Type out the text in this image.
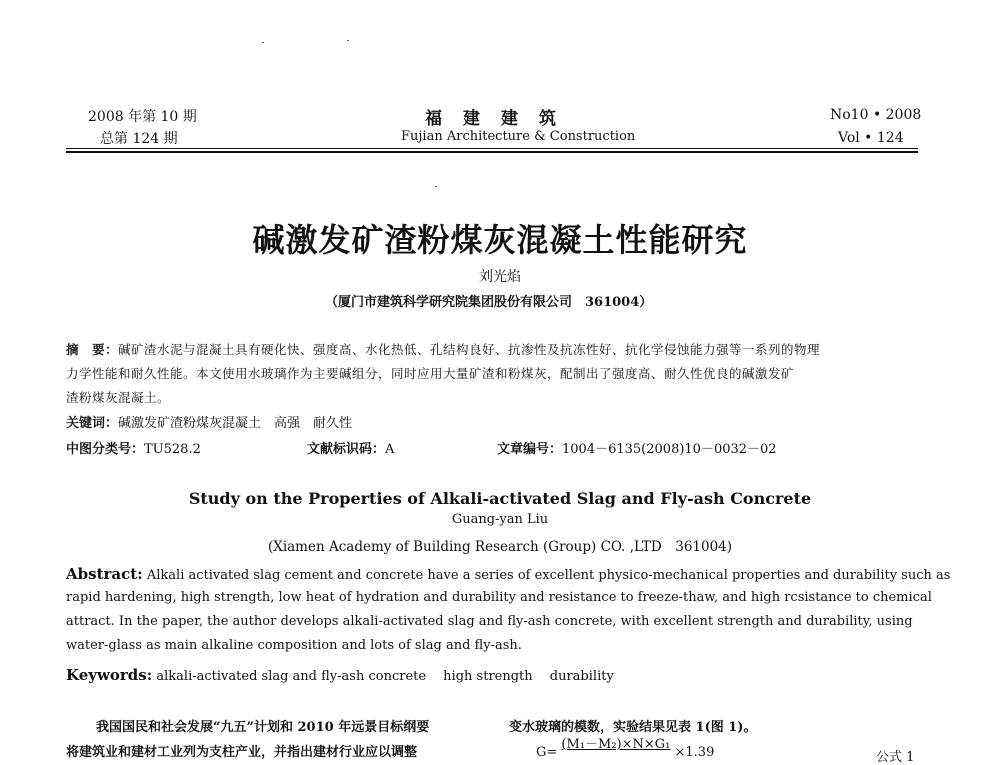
2008 年第 10 期
总第 124 期
福　建　建　筑
Fujian Architecture & Construction
No10 • 2008
Vol • 124
碱激发矿渣粉煤灰混凝土性能研究
刘光焰
（厦门市建筑科学研究院集团股份有限公司　361004）
摘　要：碱矿渣水泥与混凝土具有硬化快、强度高、水化热低、孔结构良好、抗渗性及抗冻性好、抗化学侵蚀能力强等一系列的物理
力学性能和耐久性能。本文使用水玻璃作为主要碱组分，同时应用大量矿渣和粉煤灰，配制出了强度高、耐久性优良的碱激发矿
渣粉煤灰混凝土。
关键词：碱激发矿渣粉煤灰混凝土　高强　耐久性
中图分类号：TU528.2	文献标识码：A	文章编号：1004－6135(2008)10－0032－02
Study on the Properties of Alkali-activated Slag and Fly-ash Concrete
Guang-yan Liu
(Xiamen Academy of Building Research (Group) CO. ,LTD　361004)
Abstract: Alkali activated slag cement and concrete have a series of excellent physico-mechanical properties and durability such as
rapid hardening, high strength, low heat of hydration and durability and resistance to freeze-thaw, and high rcsistance to chemical
attract. In the paper, the author develops alkali-activated slag and fly-ash concrete, with excellent strength and durability, using
water-glass as main alkaline composition and lots of slag and fly-ash.
Keywords: alkali-activated slag and fly-ash concrete　 high strength　 durability
我国国民和社会发展“九五”计划和 2010 年远景目标纲要
将建筑业和建材工业列为支柱产业，并指出建材行业应以调整
变水玻璃的模数，实验结果见表 1(图 1)。
G= (M₁－M₂)×N×G₁ ×1.39	公式 1
